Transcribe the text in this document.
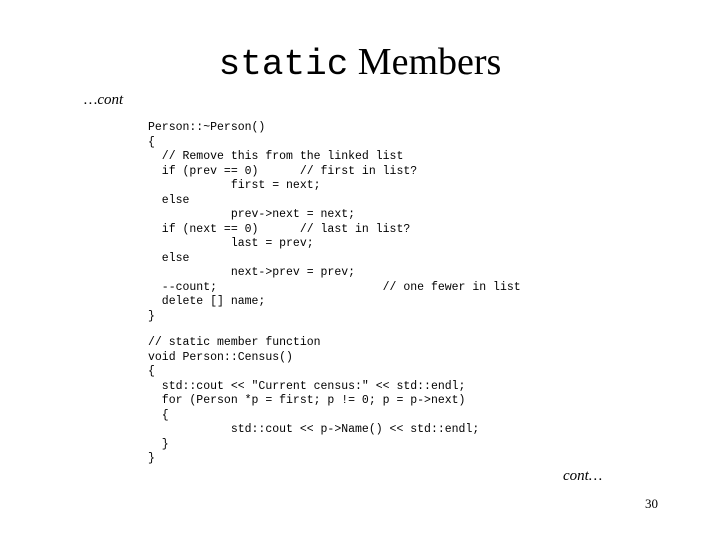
static Members
…cont
Person::~Person()
{
// Remove this from the linked list
if (prev == 0)      // first in list?
first = next;
else
prev->next = next;
if (next == 0)      // last in list?
last = prev;
else
next->prev = prev;
--count;                        // one fewer in list
delete [] name;
}
// static member function
void Person::Census()
{
std::cout << "Current census:" << std::endl;
for (Person *p = first; p != 0; p = p->next)
{
std::cout << p->Name() << std::endl;
}
}
cont…
30
